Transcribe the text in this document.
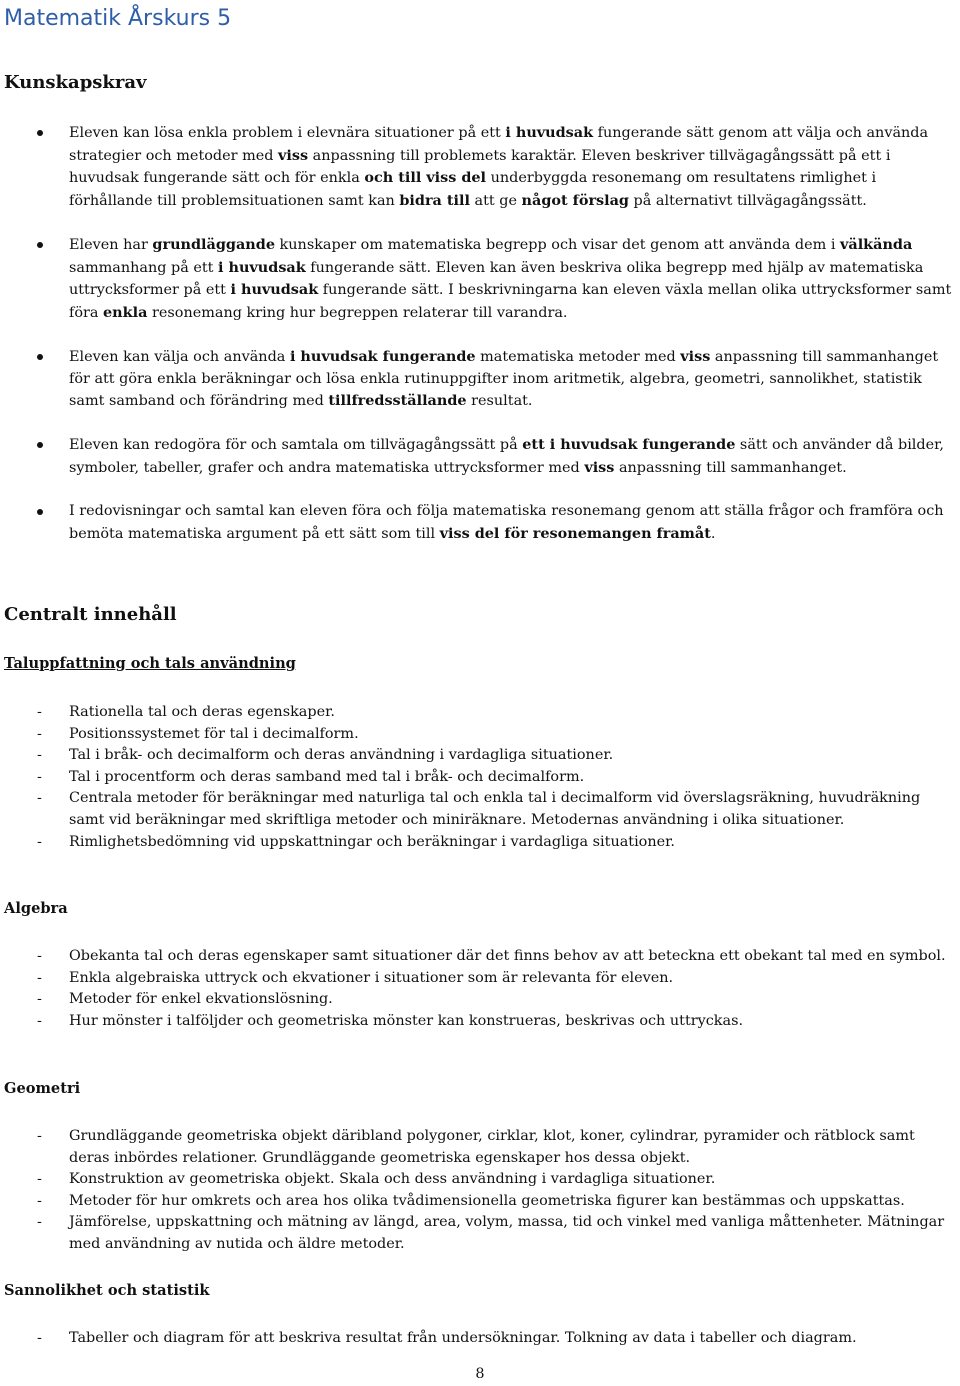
Matematik Årskurs 5
Kunskapskrav
Eleven kan lösa enkla problem i elevnära situationer på ett i huvudsak fungerande sätt genom att välja och använda strategier och metoder med viss anpassning till problemets karaktär. Eleven beskriver tillvägagångssätt på ett i huvudsak fungerande sätt och för enkla och till viss del underbyggda resonemang om resultatens rimlighet i förhållande till problemsituationen samt kan bidra till att ge något förslag på alternativt tillvägagångssätt.
Eleven har grundläggande kunskaper om matematiska begrepp och visar det genom att använda dem i välkända sammanhang på ett i huvudsak fungerande sätt. Eleven kan även beskriva olika begrepp med hjälp av matematiska uttrycksformer på ett i huvudsak fungerande sätt. I beskrivningarna kan eleven växla mellan olika uttrycksformer samt föra enkla resonemang kring hur begreppen relaterar till varandra.
Eleven kan välja och använda i huvudsak fungerande matematiska metoder med viss anpassning till sammanhanget för att göra enkla beräkningar och lösa enkla rutinuppgifter inom aritmetik, algebra, geometri, sannolikhet, statistik samt samband och förändring med tillfredsställande resultat.
Eleven kan redogöra för och samtala om tillvägagångssätt på ett i huvudsak fungerande sätt och använder då bilder, symboler, tabeller, grafer och andra matematiska uttrycksformer med viss anpassning till sammanhanget.
I redovisningar och samtal kan eleven föra och följa matematiska resonemang genom att ställa frågor och framföra och bemöta matematiska argument på ett sätt som till viss del för resonemangen framåt.
Centralt innehåll
Taluppfattning och tals användning
- Rationella tal och deras egenskaper.
- Positionssystemet för tal i decimalform.
- Tal i bråk- och decimalform och deras användning i vardagliga situationer.
- Tal i procentform och deras samband med tal i bråk- och decimalform.
- Centrala metoder för beräkningar med naturliga tal och enkla tal i decimalform vid överslagsräkning, huvudräkning samt vid beräkningar med skriftliga metoder och miniräknare. Metodernas användning i olika situationer.
- Rimlighetsbedömning vid uppskattningar och beräkningar i vardagliga situationer.
Algebra
- Obekanta tal och deras egenskaper samt situationer där det finns behov av att beteckna ett obekant tal med en symbol.
- Enkla algebraiska uttryck och ekvationer i situationer som är relevanta för eleven.
- Metoder för enkel ekvationslösning.
- Hur mönster i talföljder och geometriska mönster kan konstrueras, beskrivas och uttryckas.
Geometri
- Grundläggande geometriska objekt däribland polygoner, cirklar, klot, koner, cylindrar, pyramider och rätblock samt deras inbördes relationer. Grundläggande geometriska egenskaper hos dessa objekt.
- Konstruktion av geometriska objekt. Skala och dess användning i vardagliga situationer.
- Metoder för hur omkrets och area hos olika tvådimensionella geometriska figurer kan bestämmas och uppskattas.
- Jämförelse, uppskattning och mätning av längd, area, volym, massa, tid och vinkel med vanliga måttenheter. Mätningar med användning av nutida och äldre metoder.
Sannolikhet och statistik
- Tabeller och diagram för att beskriva resultat från undersökningar. Tolkning av data i tabeller och diagram.
8
